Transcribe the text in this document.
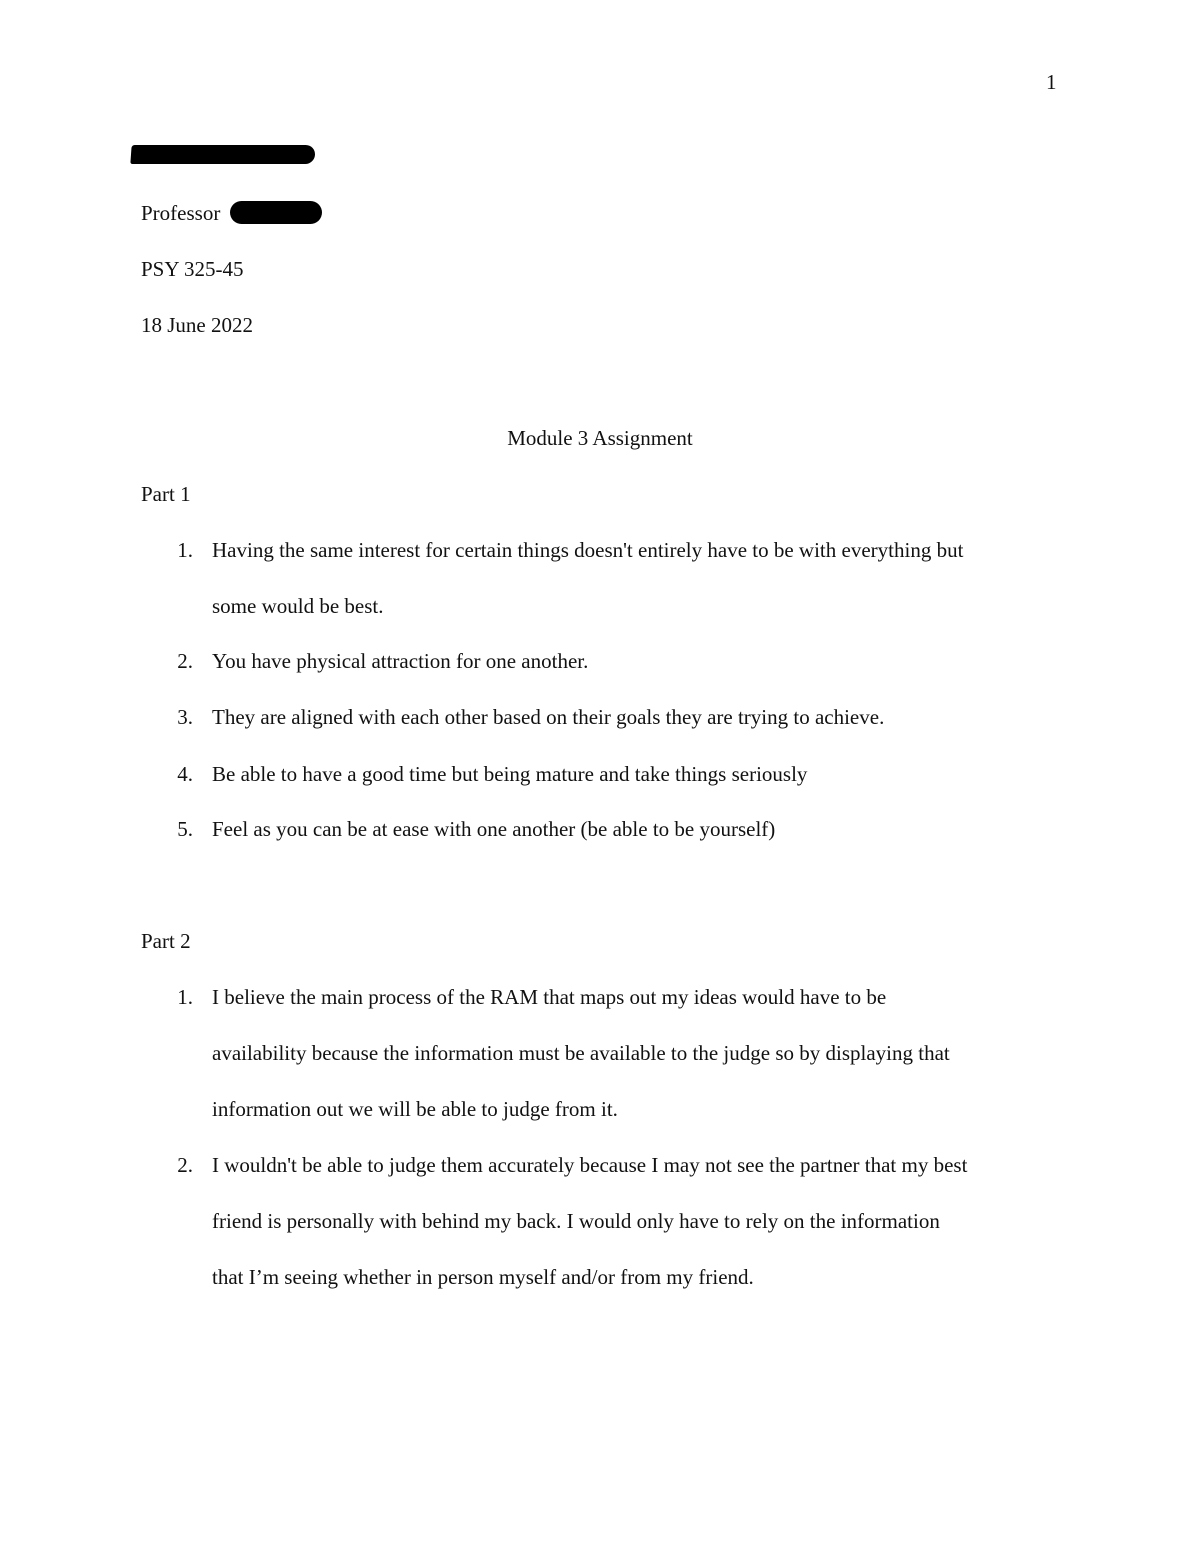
1
Professor
PSY 325-45
18 June 2022
Module 3 Assignment
Part 1
1. Having the same interest for certain things doesn't entirely have to be with everything but
some would be best.
2. You have physical attraction for one another.
3. They are aligned with each other based on their goals they are trying to achieve.
4. Be able to have a good time but being mature and take things seriously
5. Feel as you can be at ease with one another (be able to be yourself)
Part 2
1. I believe the main process of the RAM that maps out my ideas would have to be
availability because the information must be available to the judge so by displaying that
information out we will be able to judge from it.
2. I wouldn't be able to judge them accurately because I may not see the partner that my best
friend is personally with behind my back. I would only have to rely on the information
that I’m seeing whether in person myself and/or from my friend.
